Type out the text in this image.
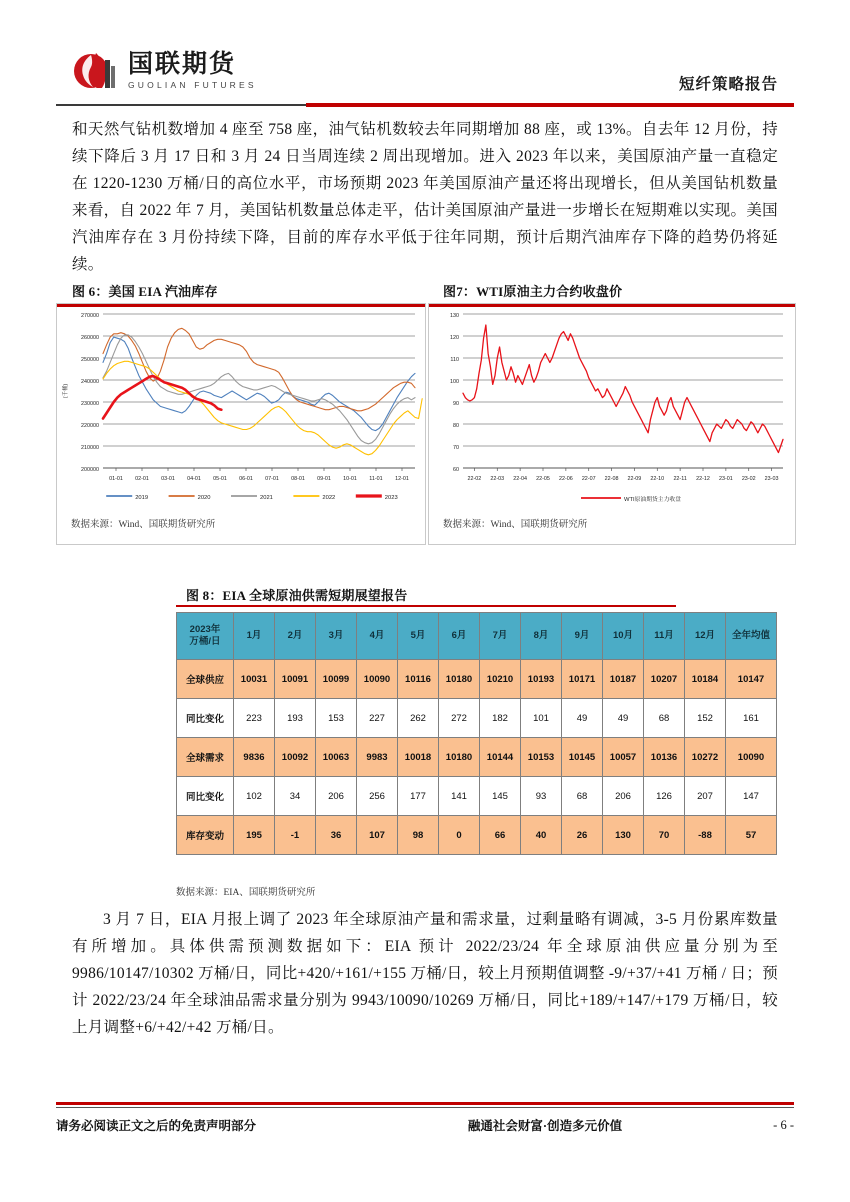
国联期货
GUOLIAN FUTURES	短纤策略报告
和天然气钻机数增加 4 座至 758 座，油气钻机数较去年同期增加 88 座，或 13%。自去年 12 月份，持续下降后 3 月 17 日和 3 月 24 日当周连续 2 周出现增加。进入 2023 年以来，美国原油产量一直稳定在 1220-1230 万桶/日的高位水平，市场预期 2023 年美国原油产量还将出现增长，但从美国钻机数量来看，自 2022 年 7 月，美国钻机数量总体走平，估计美国原油产量进一步增长在短期难以实现。美国汽油库存在 3 月份持续下降，目前的库存水平低于往年同期，预计后期汽油库存下降的趋势仍将延续。
图 6：美国 EIA 汽油库存	图7：WTI原油主力合约收盘价
200000
210000
220000
230000
240000
250000
260000
270000
01-01 02-01 03-01 04-01 05-01 06-01 07-01 08-01 09-01 10-01 11-01 12-01
(千桶)
2019	2020	2021	2022	2023
数据来源：Wind、国联期货研究所
60
70
80
90
100
110
120
130
22-02 22-03 22-04 22-05 22-06 22-07 22-08 22-09 22-10 22-11 22-12 23-01 23-02 23-03
WTI原油期货主力收盘
数据来源：Wind、国联期货研究所
图 8：EIA 全球原油供需短期展望报告
2023年
万桶/日	1月	2月	3月	4月	5月	6月	7月	8月	9月	10月	11月	12月	全年均值
全球供应	10031	10091	10099	10090	10116	10180	10210	10193	10171	10187	10207	10184	10147
同比变化	223	193	153	227	262	272	182	101	49	49	68	152	161
全球需求	9836	10092	10063	9983	10018	10180	10144	10153	10145	10057	10136	10272	10090
同比变化	102	34	206	256	177	141	145	93	68	206	126	207	147
库存变动	195	-1	36	107	98	0	66	40	26	130	70	-88	57
数据来源：EIA、国联期货研究所
3 月 7 日，EIA 月报上调了 2023 年全球原油产量和需求量，过剩量略有调减，3-5 月份累库数量有所增加。具体供需预测数据如下：EIA 预计 2022/23/24 年全球原油供应量分别为至 9986/10147/10302 万桶/日，同比+420/+161/+155 万桶/日，较上月预期值调整 -9/+37/+41 万桶 / 日；预计 2022/23/24 年全球油品需求量分别为 9943/10090/10269 万桶/日，同比+189/+147/+179 万桶/日，较上月调整+6/+42/+42 万桶/日。
请务必阅读正文之后的免责声明部分	融通社会财富·创造多元价值	- 6 -
